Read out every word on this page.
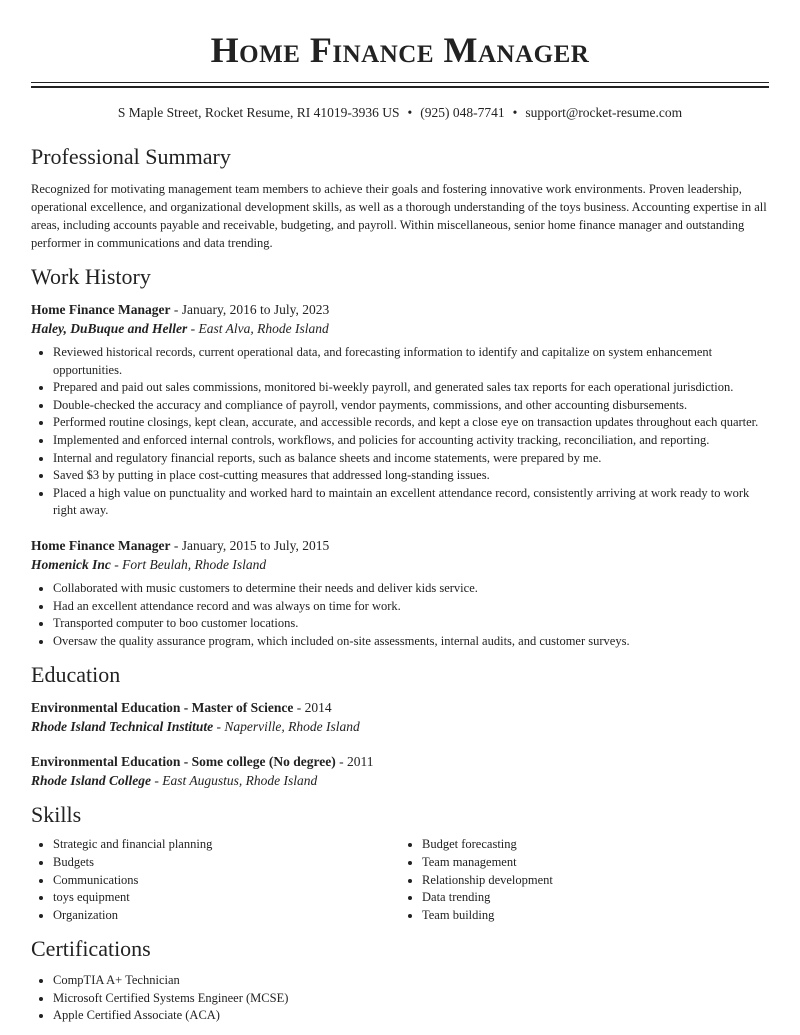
Home Finance Manager
S Maple Street, Rocket Resume, RI 41019-3936 US • (925) 048-7741 • support@rocket-resume.com
Professional Summary

Recognized for motivating management team members to achieve their goals and fostering innovative work environments. Proven leadership, operational excellence, and organizational development skills, as well as a thorough understanding of the toys business. Accounting expertise in all areas, including accounts payable and receivable, budgeting, and payroll. Within miscellaneous, senior home finance manager and outstanding performer in communications and data trending.

Work History
Home Finance Manager - January, 2016 to July, 2023
Haley, DuBuque and Heller - East Alva, Rhode Island
• Reviewed historical records, current operational data, and forecasting information to identify and capitalize on system enhancement opportunities.
• Prepared and paid out sales commissions, monitored bi-weekly payroll, and generated sales tax reports for each operational jurisdiction.
• Double-checked the accuracy and compliance of payroll, vendor payments, commissions, and other accounting disbursements.
• Performed routine closings, kept clean, accurate, and accessible records, and kept a close eye on transaction updates throughout each quarter.
• Implemented and enforced internal controls, workflows, and policies for accounting activity tracking, reconciliation, and reporting.
• Internal and regulatory financial reports, such as balance sheets and income statements, were prepared by me.
• Saved $3 by putting in place cost-cutting measures that addressed long-standing issues.
• Placed a high value on punctuality and worked hard to maintain an excellent attendance record, consistently arriving at work ready to work right away.
Home Finance Manager - January, 2015 to July, 2015
Homenick Inc - Fort Beulah, Rhode Island
• Collaborated with music customers to determine their needs and deliver kids service.
• Had an excellent attendance record and was always on time for work.
• Transported computer to boo customer locations.
• Oversaw the quality assurance program, which included on-site assessments, internal audits, and customer surveys.
Education
Environmental Education - Master of Science - 2014
Rhode Island Technical Institute - Naperville, Rhode Island
Environmental Education - Some college (No degree) - 2011
Rhode Island College - East Augustus, Rhode Island
Skills
• Strategic and financial planning
• Budgets
• Communications
• toys equipment
• Organization
• Budget forecasting
• Team management
• Relationship development
• Data trending
• Team building
Certifications
• CompTIA A+ Technician
• Microsoft Certified Systems Engineer (MCSE)
• Apple Certified Associate (ACA)
